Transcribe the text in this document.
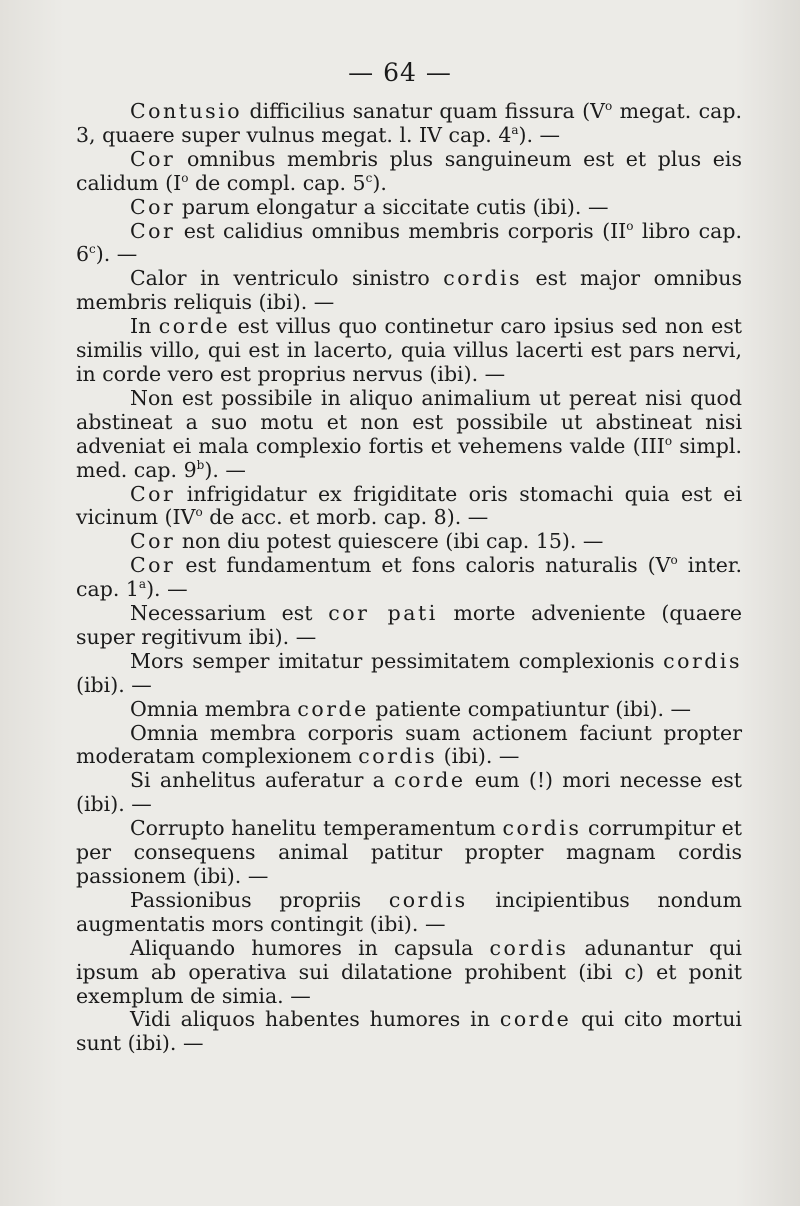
— 64 —

Contusio difficilius sanatur quam fissura ($V^o$ megat. cap. 3, quaere super vulnus megat. l. IV cap. 4$^a$). —

Cor omnibus membris plus sanguineum est et plus eis calidum ($I^o$ de compl. cap. 5$^c$).

Cor parum elongatur a siccitate cutis (ibi). —

Cor est calidius omnibus membris corporis ($II^o$ libro cap. 6$^c$). —

Calor in ventriculo sinistro cordis est major omnibus membris reliquis (ibi). —

In corde est villus quo continetur caro ipsius sed non est similis villo, qui est in lacerto, quia villus lacerti est pars nervi, in corde vero est proprius nervus (ibi). —

Non est possibile in aliquo animalium ut pereat nisi quod abstineat a suo motu et non est possibile ut abstineat nisi adveniat ei mala complexio fortis et vehemens valde (III$^o$ simpl. med. cap. 9$^b$). —

Cor infrigidatur ex frigiditate oris stomachi quia est ei vicinum ($IV^o$ de acc. et morb. cap. 8). —

Cor non diu potest quiescere (ibi cap. 15). —

Cor est fundamentum et fons caloris naturalis ($V^o$ inter. cap. 1$^a$). —

Necessarium est cor pati morte adveniente (quaere super regitivum ibi). —

Mors semper imitatur pessimitatem complexionis cordis (ibi). —

Omnia membra corde patiente compatiuntur (ibi). —

Omnia membra corporis suam actionem faciunt propter moderatam complexionem cordis (ibi). —

Si anhelitus auferatur a corde eum (!) mori necesse est (ibi). —

Corrupto hanelitu temperamentum cordis corrumpitur et per consequens animal patitur propter magnam cordis passionem (ibi). —

Passionibus propriis cordis incipientibus nondum augmentatis mors contingit (ibi). —

Aliquando humores in capsula cordis adunantur qui ipsum ab operativa sui dilatatione prohibent (ibi c) et ponit exemplum de simia. —

Vidi aliquos habentes humores in corde qui cito mortui sunt (ibi). —
